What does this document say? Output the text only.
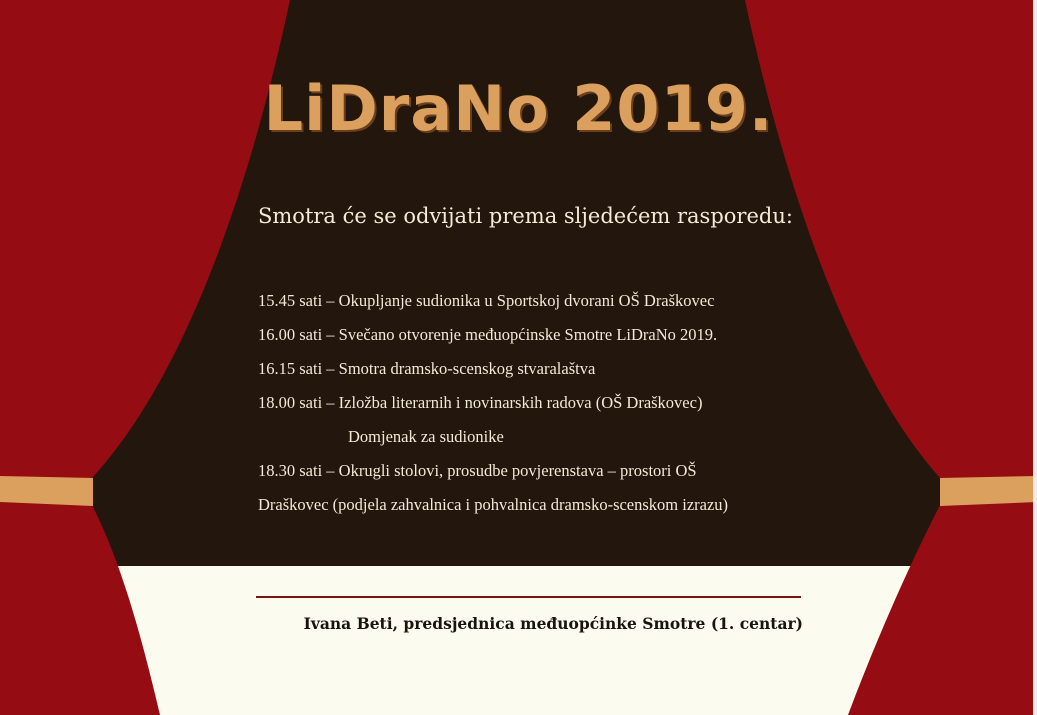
LiDraNo 2019.

Smotra će se odvijati prema sljedećem rasporedu:

15.45 sati – Okupljanje sudionika u Sportskoj dvorani OŠ Draškovec
16.00 sati – Svečano otvorenje međuopćinske Smotre LiDraNo 2019.
16.15 sati – Smotra dramsko-scenskog stvaralaštva
18.00 sati – Izložba literarnih i novinarskih radova (OŠ Draškovec)
Domjenak za sudionike
18.30 sati – Okrugli stolovi, prosudbe povjerenstava – prostori OŠ
Draškovec (podjela zahvalnica i pohvalnica dramsko-scenskom izrazu)
Ivana Beti, predsjednica međuopćinke Smotre (1. centar)
